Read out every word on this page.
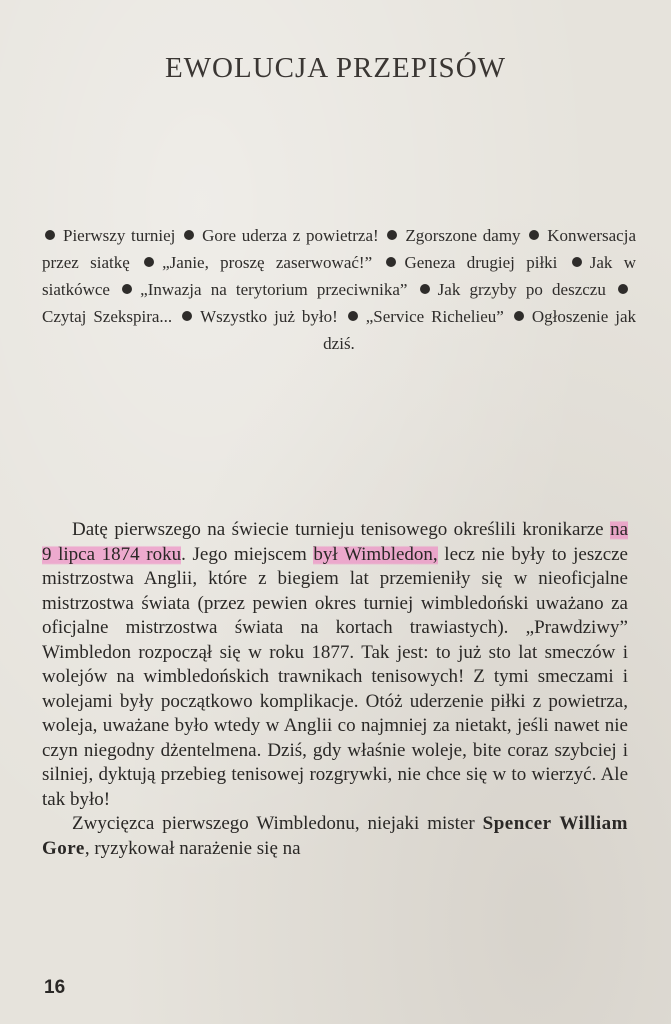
EWOLUCJA PRZEPISÓW
Pierwszy turniej Gore uderza z powietrza! Zgorszone damy Konwersacja przez siatkę „Janie, proszę zaserwować!” Geneza drugiej piłki Jak w siatkówce „Inwazja na terytorium przeciwnika” Jak grzyby po deszczu Czytaj Szekspira... Wszystko już było! „Service Richelieu” Ogłoszenie jak dziś.

Datę pierwszego na świecie turnieju tenisowego określili kronikarze na 9 lipca 1874 roku. Jego miejscem był Wimbledon, lecz nie były to jeszcze mistrzostwa Anglii, które z biegiem lat przemieniły się w nieoficjalne mistrzostwa świata (przez pewien okres turniej wimbledoński uważano za oficjalne mistrzostwa świata na kortach trawiastych). „Prawdziwy” Wimbledon rozpoczął się w roku 1877. Tak jest: to już sto lat smeczów i wolejów na wimbledońskich trawnikach tenisowych! Z tymi smeczami i wolejami były początkowo komplikacje. Otóż uderzenie piłki z powietrza, woleja, uważane było wtedy w Anglii co najmniej za nietakt, jeśli nawet nie czyn niegodny dżentelmena. Dziś, gdy właśnie woleje, bite coraz szybciej i silniej, dyktują przebieg tenisowej rozgrywki, nie chce się w to wierzyć. Ale tak było!

Zwycięzca pierwszego Wimbledonu, niejaki mister Spencer William Gore, ryzykował narażenie się na

16
